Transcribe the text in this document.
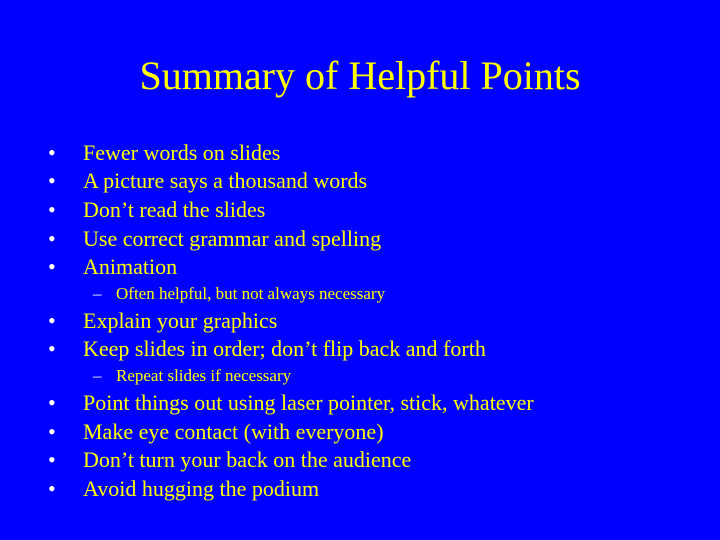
Summary of Helpful Points
• Fewer words on slides
• A picture says a thousand words
• Don’t read the slides
• Use correct grammar and spelling
• Animation
– Often helpful, but not always necessary
• Explain your graphics
• Keep slides in order; don’t flip back and forth
– Repeat slides if necessary
• Point things out using laser pointer, stick, whatever
• Make eye contact (with everyone)
• Don’t turn your back on the audience
• Avoid hugging the podium
